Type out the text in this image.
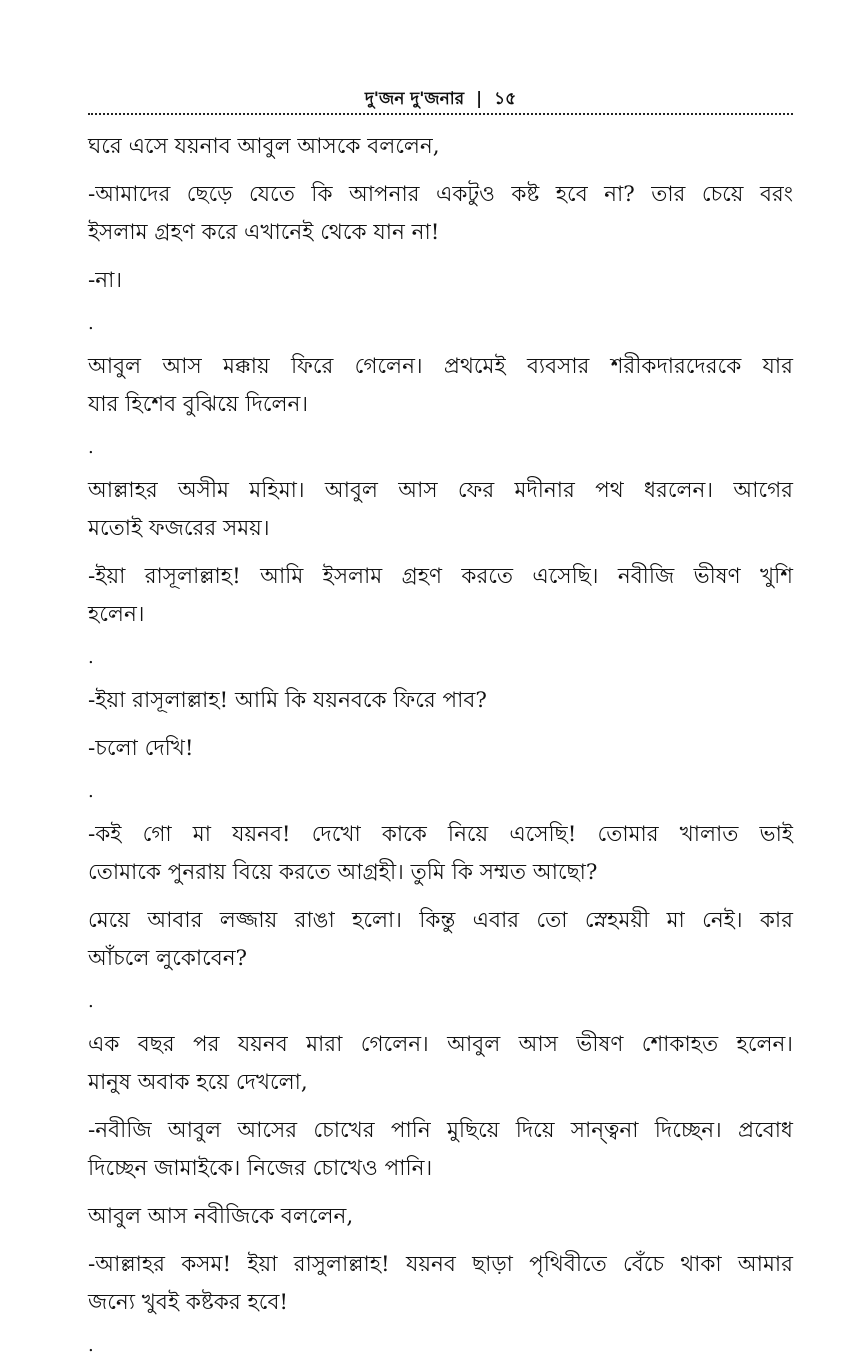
দু'জন দু'জনার | ১৫
ঘরে এসে যয়নাব আবুল আসকে বললেন,
-আমাদের ছেড়ে যেতে কি আপনার একটুও কষ্ট হবে না? তার চেয়ে বরং
ইসলাম গ্রহণ করে এখানেই থেকে যান না!
-না।
.
আবুল আস মক্কায় ফিরে গেলেন। প্রথমেই ব্যবসার শরীকদারদেরকে যার
যার হিশেব বুঝিয়ে দিলেন।
.
আল্লাহর অসীম মহিমা। আবুল আস ফের মদীনার পথ ধরলেন। আগের
মতোই ফজরের সময়।
-ইয়া রাসূলাল্লাহ! আমি ইসলাম গ্রহণ করতে এসেছি। নবীজি ভীষণ খুশি
হলেন।
.
-ইয়া রাসূলাল্লাহ! আমি কি যয়নবকে ফিরে পাব?
-চলো দেখি!
.
-কই গো মা যয়নব! দেখো কাকে নিয়ে এসেছি! তোমার খালাত ভাই
তোমাকে পুনরায় বিয়ে করতে আগ্রহী। তুমি কি সম্মত আছো?
মেয়ে আবার লজ্জায় রাঙা হলো। কিন্তু এবার তো স্নেহময়ী মা নেই। কার
আঁচলে লুকোবেন?
.
এক বছর পর যয়নব মারা গেলেন। আবুল আস ভীষণ শোকাহত হলেন।
মানুষ অবাক হয়ে দেখলো,
-নবীজি আবুল আসের চোখের পানি মুছিয়ে দিয়ে সান্ত্বনা দিচ্ছেন। প্রবোধ
দিচ্ছেন জামাইকে। নিজের চোখেও পানি।
আবুল আস নবীজিকে বললেন,
-আল্লাহর কসম! ইয়া রাসুলাল্লাহ! যয়নব ছাড়া পৃথিবীতে বেঁচে থাকা আমার
জন্যে খুবই কষ্টকর হবে!
.
